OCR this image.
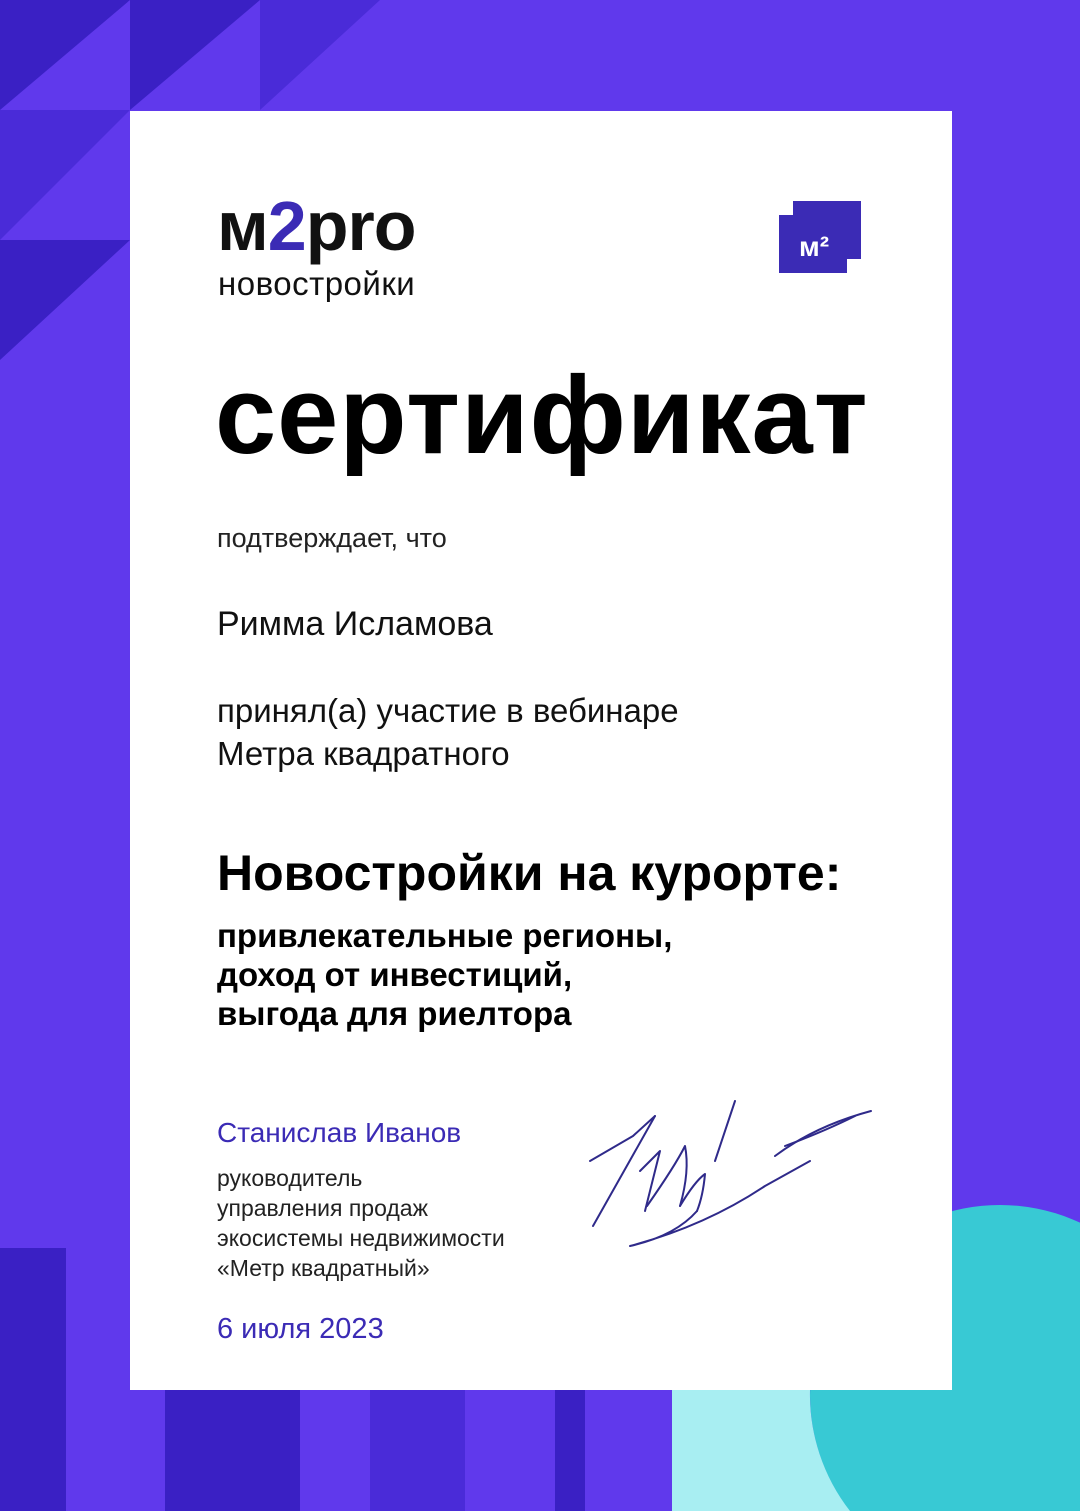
м2pro
новостройки
м²
сертификат
подтверждает, что
Римма Исламова
принял(а) участие в вебинаре
Метра квадратного
Новостройки на курорте:
привлекательные регионы,
доход от инвестиций,
выгода для риелтора
Станислав Иванов
руководитель
управления продаж
экосистемы недвижимости
«Метр квадратный»
6 июля 2023
